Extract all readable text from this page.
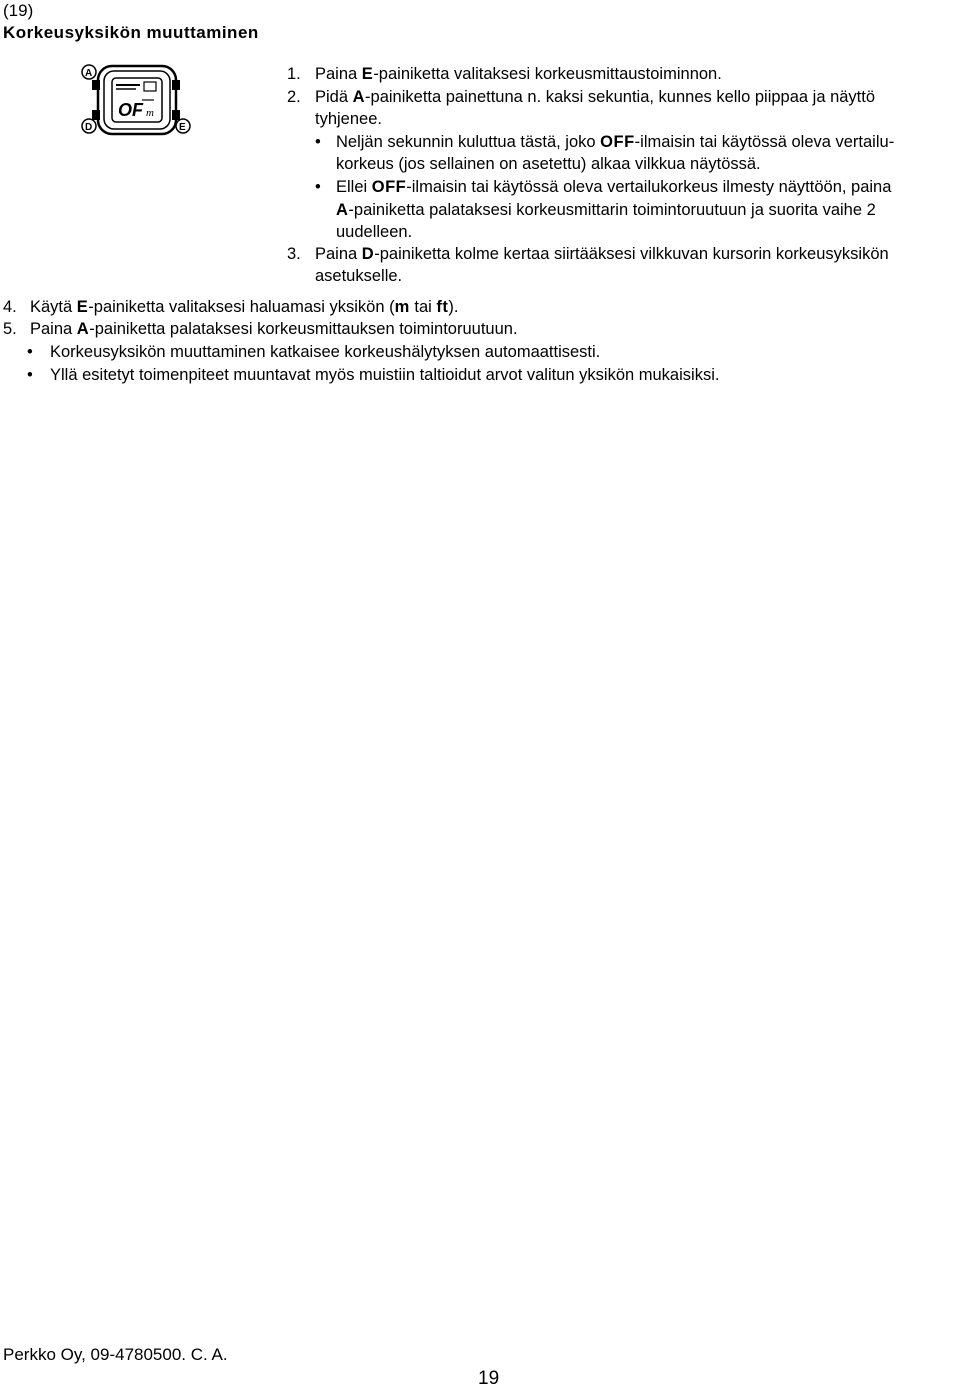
(19)
Korkeusyksikön muuttaminen
OF m
A
D	E
1. Paina E-painiketta valitaksesi korkeusmittaustoiminnon.
2. Pidä A-painiketta painettuna n. kaksi sekuntia, kunnes kello piippaa ja näyttö
tyhjenee.
• Neljän sekunnin kuluttua tästä, joko OFF-ilmaisin tai käytössä oleva vertailu-
korkeus (jos sellainen on asetettu) alkaa vilkkua näytössä.
• Ellei OFF-ilmaisin tai käytössä oleva vertailukorkeus ilmesty näyttöön, paina
A-painiketta palataksesi korkeusmittarin toimintoruutuun ja suorita vaihe 2
uudelleen.
3. Paina D-painiketta kolme kertaa siirtääksesi vilkkuvan kursorin korkeusyksikön
asetukselle.
4. Käytä E-painiketta valitaksesi haluamasi yksikön (m tai ft).
5. Paina A-painiketta palataksesi korkeusmittauksen toimintoruutuun.
• Korkeusyksikön muuttaminen katkaisee korkeushälytyksen automaattisesti.
• Yllä esitetyt toimenpiteet muuntavat myös muistiin taltioidut arvot valitun yksikön mukaisiksi.
Perkko Oy, 09-4780500. C. A.
19
